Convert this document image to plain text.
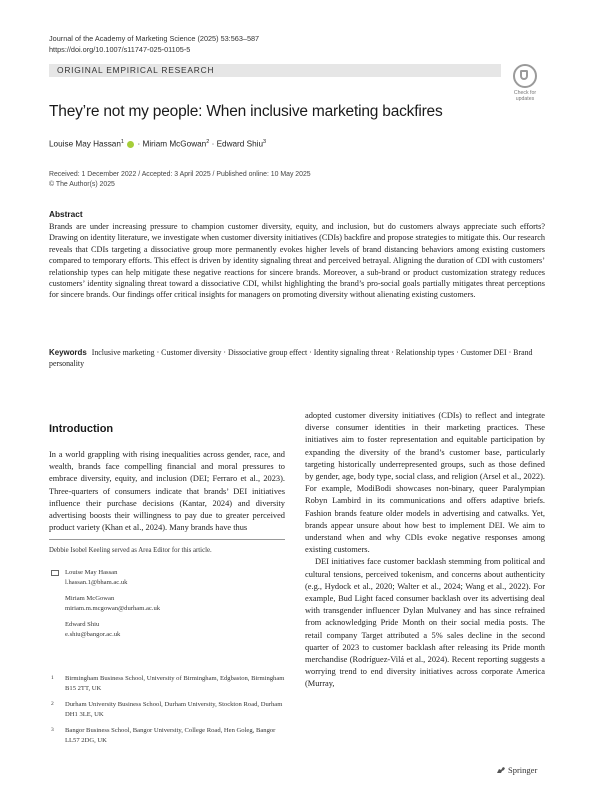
Journal of the Academy of Marketing Science (2025) 53:563–587
https://doi.org/10.1007/s11747-025-01105-5
ORIGINAL EMPIRICAL RESEARCH
Check for
updates
They’re not my people: When inclusive marketing backfires
Louise May Hassan$^1$  · Miriam McGowan$^2$ · Edward Shiu$^3$
Received: 1 December 2022 / Accepted: 3 April 2025 / Published online: 10 May 2025
© The Author(s) 2025
Abstract
Brands are under increasing pressure to champion customer diversity, equity, and inclusion, but do customers always appreciate such efforts? Drawing on identity literature, we investigate when customer diversity initiatives (CDIs) backfire and propose strategies to mitigate this. Our research reveals that CDIs targeting a dissociative group more permanently evokes higher levels of brand distancing behaviors among existing customers compared to temporary efforts. This effect is driven by identity signaling threat and perceived betrayal. Aligning the duration of CDI with customers’ relationship types can help mitigate these negative reactions for sincere brands. Moreover, a sub-brand or product customization strategy reduces customers’ identity signaling threat toward a dissociative CDI, whilst highlighting the brand’s pro-social goals partially mitigates threat perceptions for sincere brands. Our findings offer critical insights for managers on promoting diversity without alienating existing customers.
Keywords Inclusive marketing · Customer diversity · Dissociative group effect · Identity signaling threat · Relationship types · Customer DEI · Brand personality
Introduction

In a world grappling with rising inequalities across gender, race, and wealth, brands face compelling financial and moral pressures to embrace diversity, equity, and inclusion (DEI; Ferraro et al., 2023). Three-quarters of consumers indicate that brands’ DEI initiatives influence their purchase decisions (Kantar, 2024) and diversity advertising boosts their willingness to pay due to greater perceived product variety (Khan et al., 2024). Many brands have thus

adopted customer diversity initiatives (CDIs) to reflect and integrate diverse consumer identities in their marketing practices. These initiatives aim to foster representation and equitable participation by expanding the diversity of the brand’s customer base, particularly targeting historically underrepresented groups, such as those defined by gender, age, body type, social class, and religion (Arsel et al., 2022). For example, ModiBodi showcases non-binary, queer Paralympian Robyn Lambird in its communications and offers adaptive briefs. Fashion brands feature older models in advertising and catwalks. Yet, brands appear unsure about how best to implement DEI. We aim to understand when and why CDIs evoke negative responses among existing customers.

DEI initiatives face customer backlash stemming from political and cultural tensions, perceived tokenism, and concerns about authenticity (e.g., Hydock et al., 2020; Walter et al., 2024; Wang et al., 2022). For example, Bud Light faced consumer backlash over its advertising deal with transgender influencer Dylan Mulvaney and has since refrained from acknowledging Pride Month on their social media posts. The retail company Target attributed a 5% sales decline in the second quarter of 2023 to customer backlash after releasing its Pride month merchandise (Rodríguez-Vilá et al., 2024). Recent reporting suggests a worrying trend to end diversity initiatives across corporate America (Murray,

Debbie Isobel Keeling served as Area Editor for this article.
Louise May Hassan
l.hassan.1@bham.ac.uk
Miriam McGowan
miriam.m.mcgowan@durham.ac.uk
Edward Shiu
e.shiu@bangor.ac.uk
1 Birmingham Business School, University of Birmingham, Edgbaston, Birmingham B15 2TT, UK
2 Durham University Business School, Durham University, Stockton Road, Durham DH1 3LE, UK
3 Bangor Business School, Bangor University, College Road, Hen Goleg, Bangor LL57 2DG, UK
Springer
